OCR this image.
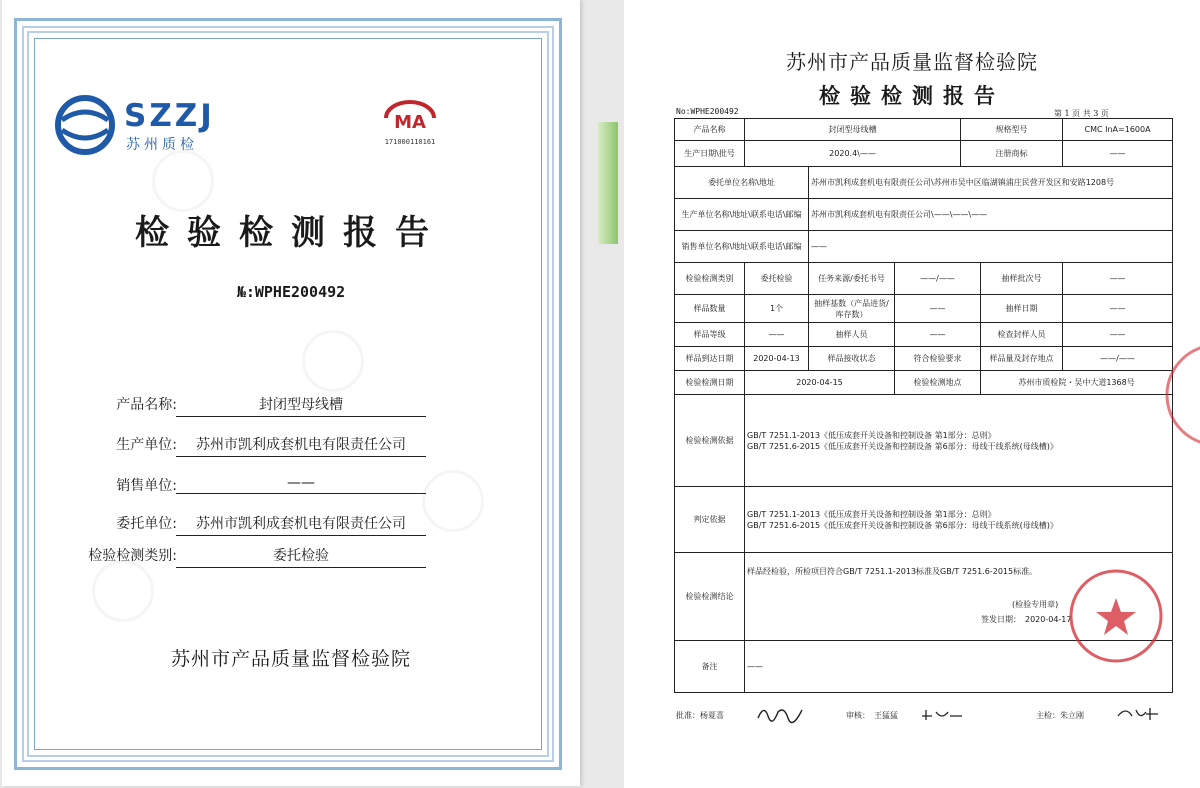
SZZJ
苏州质检
MA
171000110161
检验检测报告
№:WPHE200492
产品名称:	封闭型母线槽
生产单位:	苏州市凯利成套机电有限责任公司
销售单位:	——
委托单位:	苏州市凯利成套机电有限责任公司
检验检测类别:	委托检验
苏州市产品质量监督检验院
苏州市产品质量监督检验院
检验检测报告
No:WPHE200492	第 1 页 共 3 页
产品名称	封闭型母线槽			规格型号		CMC InA=1600A
生产日期\批号	2020.4\——			注册商标		——
委托单位名称\地址		苏州市凯利成套机电有限责任公司\苏州市吴中区临湖镇浦庄民营开发区和安路1208号				
生产单位名称\地址\联系电话\邮编		苏州市凯利成套机电有限责任公司\——\——\——				
销售单位名称\地址\联系电话\邮编		——				
检验检测类别	委托检验	任务来源/委托书号	——/——		抽样批次号	——
样品数量	1个	抽样基数（产品进货/库存数）	——		抽样日期	——
样品等级	——	抽样人员	——		检查封样人员	——
样品到达日期	2020-04-13	样品接收状态	符合检验要求		样品量及封存地点	——/——
检验检测日期	2020-04-15		检验检测地点		苏州市质检院・吴中大道1368号	
检验检测依据	GB/T 7251.1-2013《低压成套开关设备和控制设备 第1部分：总则》
GB/T 7251.6-2015《低压成套开关设备和控制设备 第6部分：母线干线系统(母线槽)》					

判定依据	GB/T 7251.1-2013《低压成套开关设备和控制设备 第1部分：总则》
GB/T 7251.6-2015《低压成套开关设备和控制设备 第6部分：母线干线系统(母线槽)》					

检验检测结论	样品经检验，所检项目符合GB/T 7251.1-2013标准及GB/T 7251.6-2015标准。
(检验专用章)
签发日期：　2020-04-17					

备注	——					
批准：杨夏喜	审核：　王猛猛	主检：朱立刚
